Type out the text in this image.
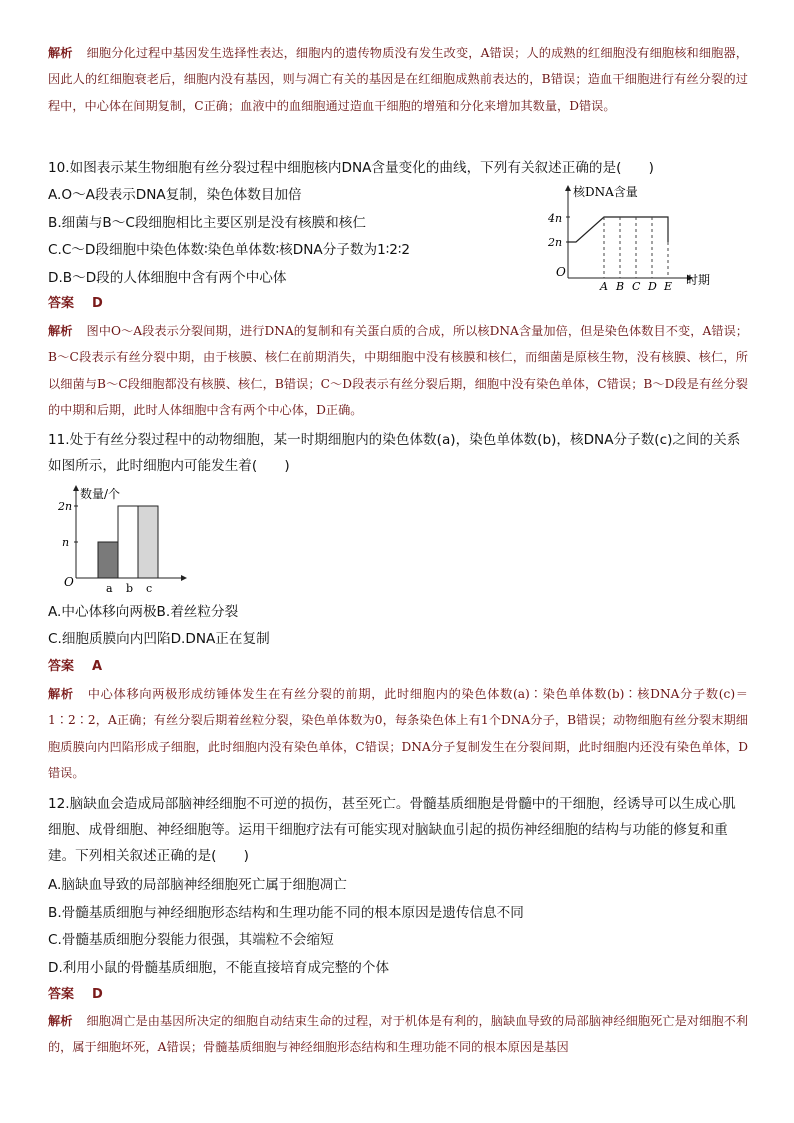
解析 细胞分化过程中基因发生选择性表达，细胞内的遗传物质没有发生改变，A错误；人的成熟的红细胞没有细胞核和细胞器，因此人的红细胞衰老后，细胞内没有基因，则与凋亡有关的基因是在红细胞成熟前表达的，B错误；造血干细胞进行有丝分裂的过程中，中心体在间期复制，C正确；血液中的血细胞通过造血干细胞的增殖和分化来增加其数量，D错误。

10.如图表示某生物细胞有丝分裂过程中细胞核内DNA含量变化的曲线，下列有关叙述正确的是(　　)

A.O～A段表示DNA复制，染色体数目加倍
B.细菌与B～C段细胞相比主要区别是没有核膜和核仁
C.C～D段细胞中染色体数∶染色单体数∶核DNA分子数为1∶2∶2
D.B～D段的人体细胞中含有两个中心体
核DNA含量
时期
O
2n
4n
A B C D E
答案 D

解析 图中O～A段表示分裂间期，进行DNA的复制和有关蛋白质的合成，所以核DNA含量加倍，但是染色体数目不变，A错误；B～C段表示有丝分裂中期，由于核膜、核仁在前期消失，中期细胞中没有核膜和核仁，而细菌是原核生物，没有核膜、核仁，所以细菌与B～C段细胞都没有核膜、核仁，B错误；C～D段表示有丝分裂后期，细胞中没有染色单体，C错误；B～D段是有丝分裂的中期和后期，此时人体细胞中含有两个中心体，D正确。

11.处于有丝分裂过程中的动物细胞，某一时期细胞内的染色体数(a)，染色单体数(b)，核DNA分子数(c)之间的关系如图所示，此时细胞内可能发生着(　　)

数量/个
O
2n
n
a b c
A.中心体移向两极B.着丝粒分裂
C.细胞质膜向内凹陷D.DNA正在复制
答案 A

解析 中心体移向两极形成纺锤体发生在有丝分裂的前期，此时细胞内的染色体数(a)∶染色单体数(b)∶核DNA分子数(c)＝1∶2∶2，A正确；有丝分裂后期着丝粒分裂，染色单体数为0，每条染色体上有1个DNA分子，B错误；动物细胞有丝分裂末期细胞质膜向内凹陷形成子细胞，此时细胞内没有染色单体，C错误；DNA分子复制发生在分裂间期，此时细胞内还没有染色单体，D错误。

12.脑缺血会造成局部脑神经细胞不可逆的损伤，甚至死亡。骨髓基质细胞是骨髓中的干细胞，经诱导可以生成心肌细胞、成骨细胞、神经细胞等。运用干细胞疗法有可能实现对脑缺血引起的损伤神经细胞的结构与功能的修复和重建。下列相关叙述正确的是(　　)

A.脑缺血导致的局部脑神经细胞死亡属于细胞凋亡
B.骨髓基质细胞与神经细胞形态结构和生理功能不同的根本原因是遗传信息不同
C.骨髓基质细胞分裂能力很强，其端粒不会缩短
D.利用小鼠的骨髓基质细胞，不能直接培育成完整的个体
答案 D

解析 细胞凋亡是由基因所决定的细胞自动结束生命的过程，对于机体是有利的，脑缺血导致的局部脑神经细胞死亡是对细胞不利的，属于细胞坏死，A错误；骨髓基质细胞与神经细胞形态结构和生理功能不同的根本原因是基因
